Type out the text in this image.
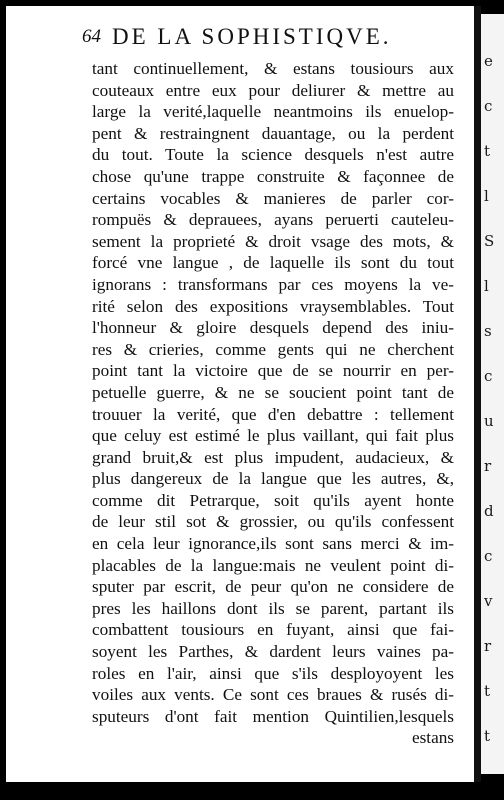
64 DE LA SOPHISTIQVE.
tant continuellement, & estans tousiours aux
couteaux entre eux pour deliurer & mettre au
large la verité,laquelle neantmoins ils enuelop-
pent & restraingnent dauantage, ou la perdent
du tout. Toute la science desquels n'est autre
chose qu'une trappe construite & façonnee de
certains vocables & manieres de parler cor-
rompuës & deprauees, ayans peruerti cauteleu-
sement la proprieté & droit vsage des mots, &
forcé vne langue , de laquelle ils sont du tout
ignorans : transformans par ces moyens la ve-
rité selon des expositions vraysemblables. Tout
l'honneur & gloire desquels depend des iniu-
res & crieries, comme gents qui ne cherchent
point tant la victoire que de se nourrir en per-
petuelle guerre, & ne se soucient point tant de
trouuer la verité, que d'en debattre : tellement
que celuy est estimé le plus vaillant, qui fait plus
grand bruit,& est plus impudent, audacieux, &
plus dangereux de la langue que les autres, &,
comme dit Petrarque, soit qu'ils ayent honte
de leur stil sot & grossier, ou qu'ils confessent
en cela leur ignorance,ils sont sans merci & im-
placables de la langue:mais ne veulent point di-
sputer par escrit, de peur qu'on ne considere de
pres les haillons dont ils se parent, partant ils
combattent tousiours en fuyant, ainsi que fai-
soyent les Parthes, & dardent leurs vaines pa-
roles en l'air, ainsi que s'ils desployoyent les
voiles aux vents. Ce sont ces braues & rusés di-
sputeurs d'ont fait mention Quintilien,lesquels
estans
e
c
t
l
S
l
s
c
u
r
d
c
v
r
t
t
